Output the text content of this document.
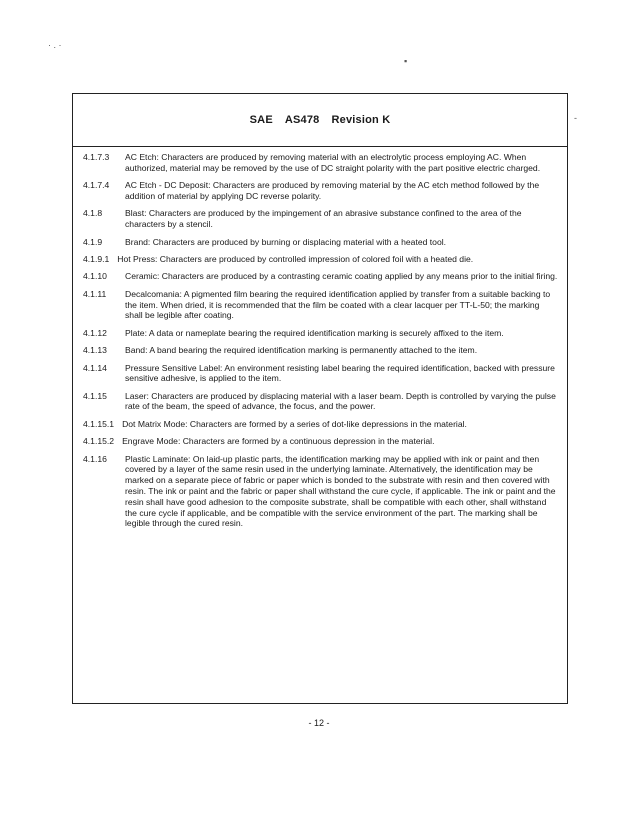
· . ·
▪
-
SAE AS478 Revision K
4.1.7.3	AC Etch: Characters are produced by removing material with an electrolytic process employing AC. When authorized, material may be removed by the use of DC straight polarity with the part positive electric charged.
4.1.7.4	AC Etch - DC Deposit: Characters are produced by removing material by the AC etch method followed by the addition of material by applying DC reverse polarity.
4.1.8	Blast: Characters are produced by the impingement of an abrasive substance confined to the area of the characters by a stencil.
4.1.9	Brand: Characters are produced by burning or displacing material with a heated tool.
4.1.9.1 Hot Press: Characters are produced by controlled impression of colored foil with a heated die.
4.1.10	Ceramic: Characters are produced by a contrasting ceramic coating applied by any means prior to the initial firing.
4.1.11	Decalcomania: A pigmented film bearing the required identification applied by transfer from a suitable backing to the item. When dried, it is recommended that the film be coated with a clear lacquer per TT-L-50; the marking shall be legible after coating.
4.1.12	Plate: A data or nameplate bearing the required identification marking is securely affixed to the item.
4.1.13	Band: A band bearing the required identification marking is permanently attached to the item.
4.1.14	Pressure Sensitive Label: An environment resisting label bearing the required identification, backed with pressure sensitive adhesive, is applied to the item.
4.1.15	Laser: Characters are produced by displacing material with a laser beam. Depth is controlled by varying the pulse rate of the beam, the speed of advance, the focus, and the power.
4.1.15.1 Dot Matrix Mode: Characters are formed by a series of dot-like depressions in the material.
4.1.15.2 Engrave Mode: Characters are formed by a continuous depression in the material.
4.1.16	Plastic Laminate: On laid-up plastic parts, the identification marking may be applied with ink or paint and then covered by a layer of the same resin used in the underlying laminate. Alternatively, the identification may be marked on a separate piece of fabric or paper which is bonded to the substrate with resin and then covered with resin. The ink or paint and the fabric or paper shall withstand the cure cycle, if applicable. The ink or paint and the resin shall have good adhesion to the composite substrate, shall be compatible with each other, shall withstand the cure cycle if applicable, and be compatible with the service environment of the part. The marking shall be legible through the cured resin.
- 12 -
